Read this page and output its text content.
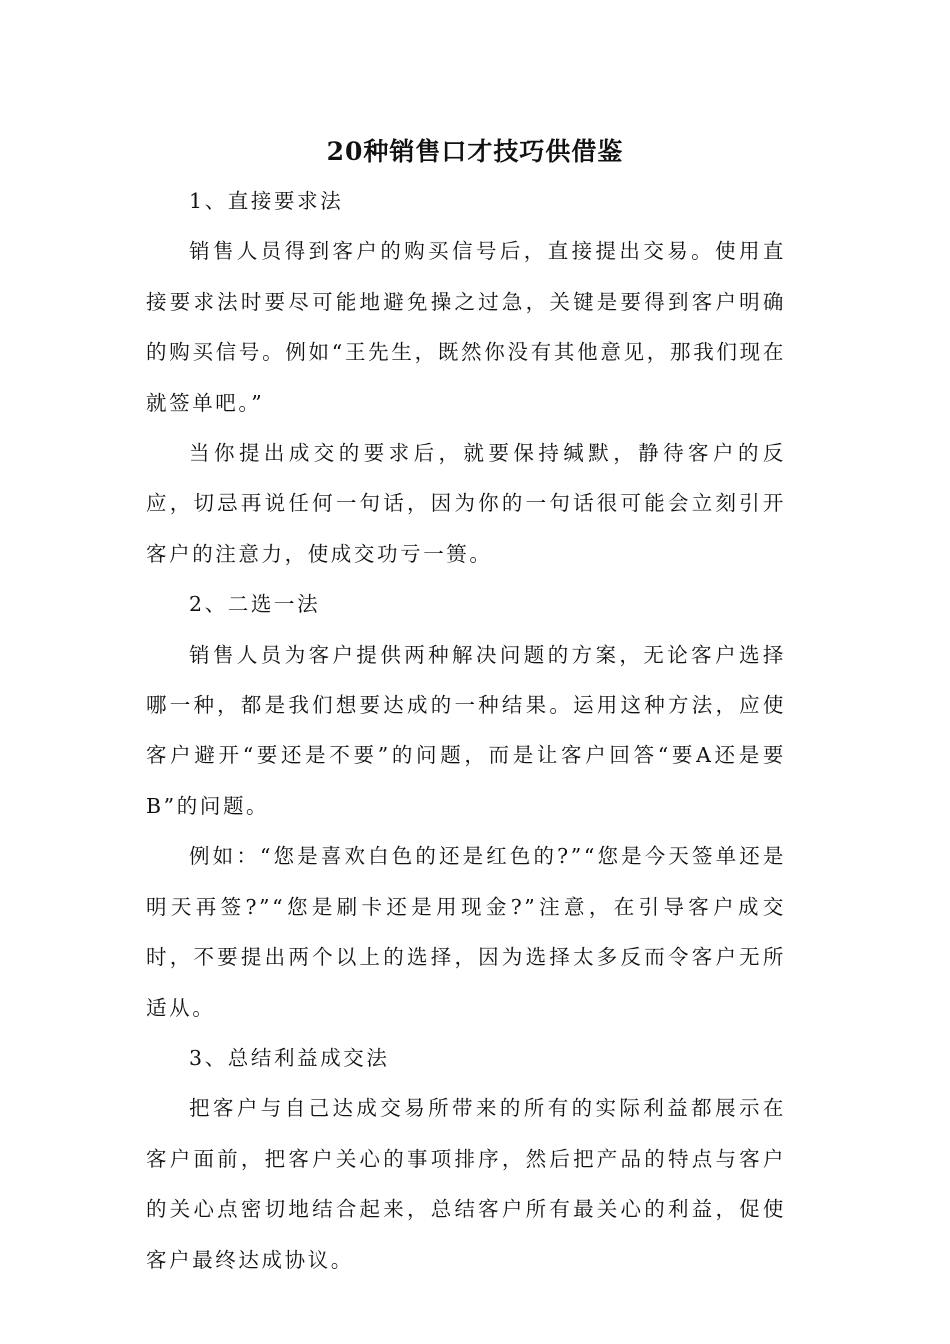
20种销售口才技巧供借鉴

1、直接要求法

销售人员得到客户的购买信号后，直接提出交易。使用直接要求法时要尽可能地避免操之过急，关键是要得到客户明确的购买信号。例如“王先生，既然你没有其他意见，那我们现在就签单吧。”

当你提出成交的要求后，就要保持缄默，静待客户的反应，切忌再说任何一句话，因为你的一句话很可能会立刻引开客户的注意力，使成交功亏一篑。

2、二选一法

销售人员为客户提供两种解决问题的方案，无论客户选择哪一种，都是我们想要达成的一种结果。运用这种方法，应使客户避开“要还是不要”的问题，而是让客户回答“要A还是要B”的问题。

例如：“您是喜欢白色的还是红色的?”“您是今天签单还是明天再签?”“您是刷卡还是用现金?”注意，在引导客户成交时，不要提出两个以上的选择，因为选择太多反而令客户无所适从。

3、总结利益成交法

把客户与自己达成交易所带来的所有的实际利益都展示在客户面前，把客户关心的事项排序，然后把产品的特点与客户的关心点密切地结合起来，总结客户所有最关心的利益，促使客户最终达成协议。
